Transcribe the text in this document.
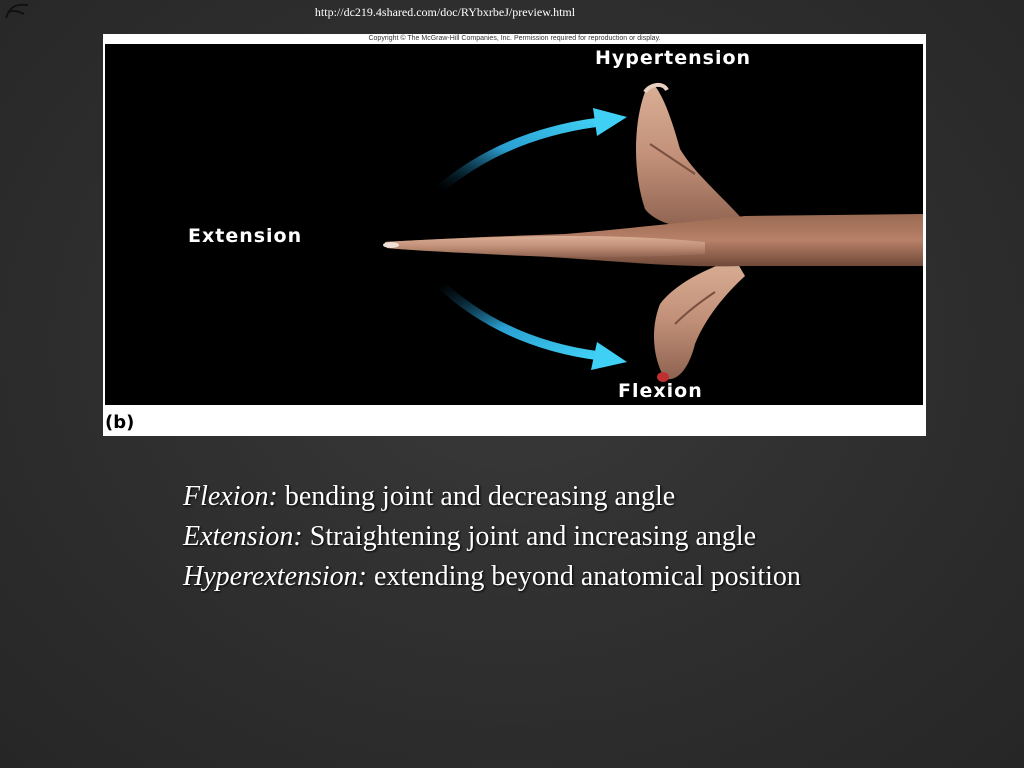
http://dc219.4shared.com/doc/RYbxrbeJ/preview.html
Copyright © The McGraw-Hill Companies, Inc. Permission required for reproduction or display.
Hypertension
Extension
Flexion
(b)

Flexion: bending joint and decreasing angle

Extension: Straightening joint and increasing angle

Hyperextension: extending beyond anatomical position
